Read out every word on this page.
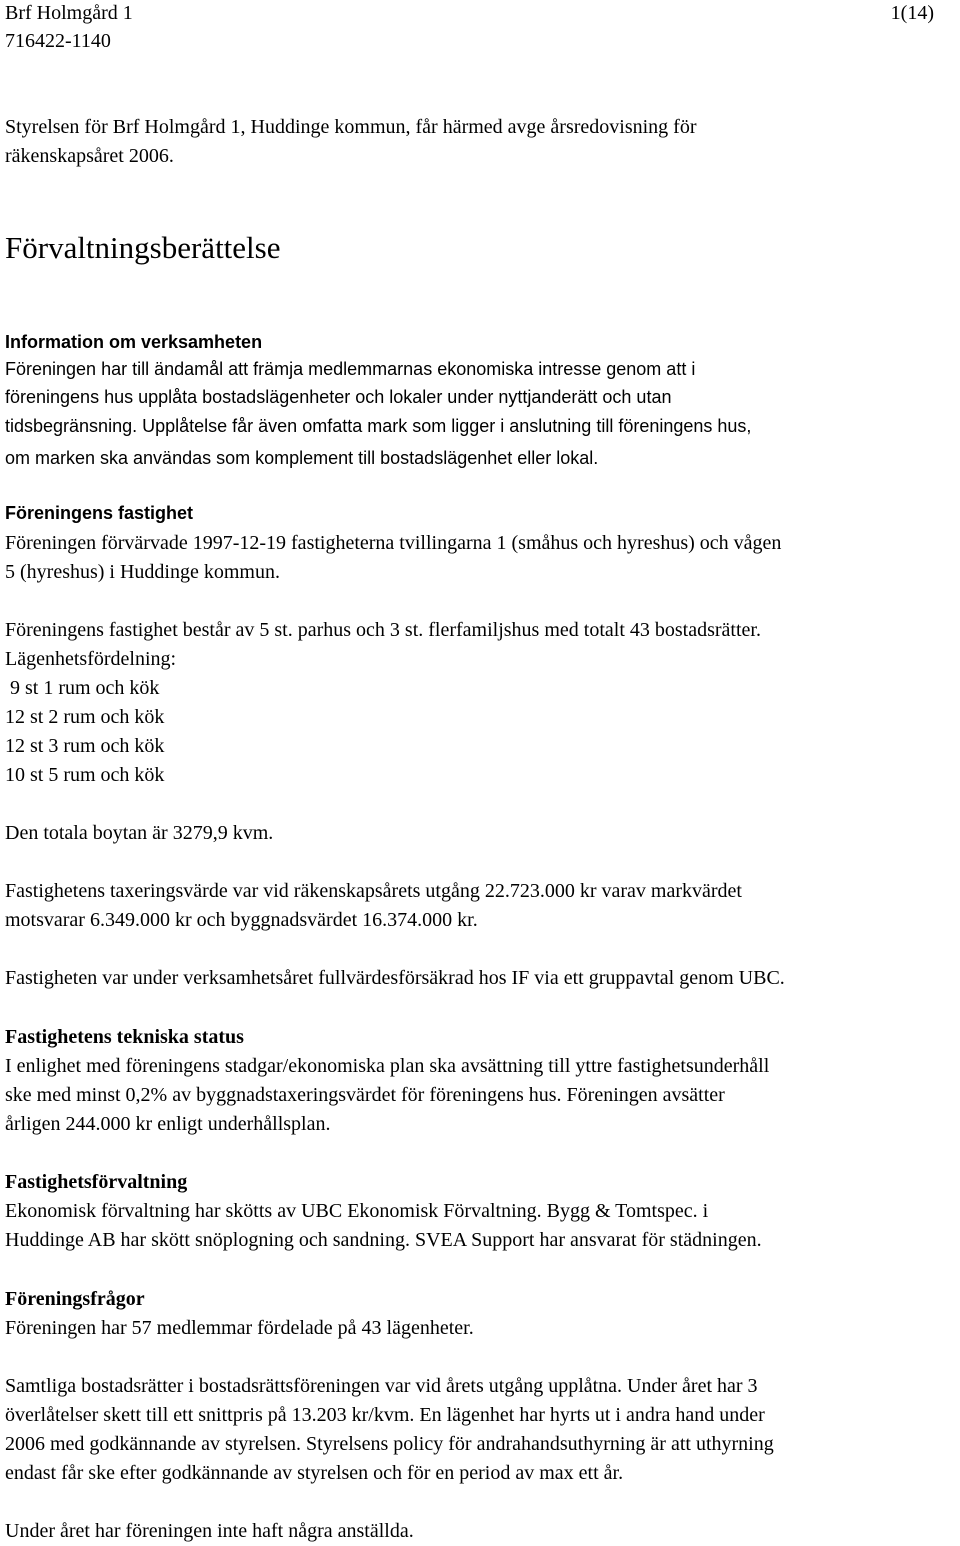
Brf Holmgård 1
716422-1140
1(14)
Styrelsen för Brf Holmgård 1, Huddinge kommun, får härmed avge årsredovisning för
räkenskapsåret 2006.
Förvaltningsberättelse
Information om verksamheten
Föreningen har till ändamål att främja medlemmarnas ekonomiska intresse genom att i
föreningens hus upplåta bostadslägenheter och lokaler under nyttjanderätt och utan
tidsbegränsning. Upplåtelse får även omfatta mark som ligger i anslutning till föreningens hus,
om marken ska användas som komplement till bostadslägenhet eller lokal.
Föreningens fastighet
Föreningen förvärvade 1997-12-19 fastigheterna tvillingarna 1 (småhus och hyreshus) och vågen
5 (hyreshus) i Huddinge kommun.
Föreningens fastighet består av 5 st. parhus och 3 st. flerfamiljshus med totalt 43 bostadsrätter.
Lägenhetsfördelning:
9 st 1 rum och kök
12 st 2 rum och kök
12 st 3 rum och kök
10 st 5 rum och kök
Den totala boytan är 3279,9 kvm.
Fastighetens taxeringsvärde var vid räkenskapsårets utgång 22.723.000 kr varav markvärdet
motsvarar 6.349.000 kr och byggnadsvärdet 16.374.000 kr.
Fastigheten var under verksamhetsåret fullvärdesförsäkrad hos IF via ett gruppavtal genom UBC.
Fastighetens tekniska status
I enlighet med föreningens stadgar/ekonomiska plan ska avsättning till yttre fastighetsunderhåll
ske med minst 0,2% av byggnadstaxeringsvärdet för föreningens hus. Föreningen avsätter
årligen 244.000 kr enligt underhållsplan.
Fastighetsförvaltning
Ekonomisk förvaltning har skötts av UBC Ekonomisk Förvaltning. Bygg & Tomtspec. i
Huddinge AB har skött snöplogning och sandning. SVEA Support har ansvarat för städningen.
Föreningsfrågor
Föreningen har 57 medlemmar fördelade på 43 lägenheter.
Samtliga bostadsrätter i bostadsrättsföreningen var vid årets utgång upplåtna. Under året har 3
överlåtelser skett till ett snittpris på 13.203 kr/kvm. En lägenhet har hyrts ut i andra hand under
2006 med godkännande av styrelsen. Styrelsens policy för andrahandsuthyrning är att uthyrning
endast får ske efter godkännande av styrelsen och för en period av max ett år.
Under året har föreningen inte haft några anställda.
